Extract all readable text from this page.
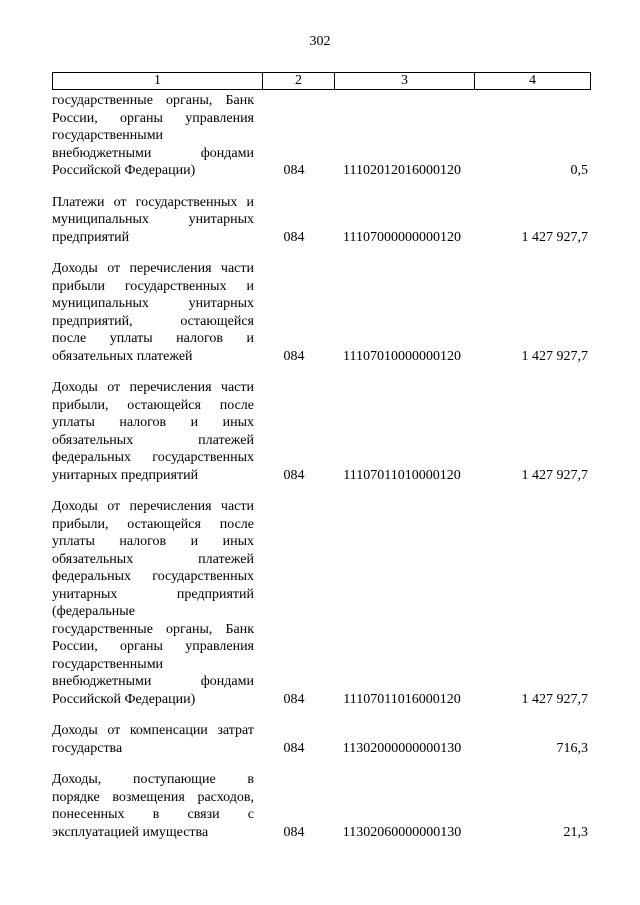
302
1	2	3	4
государственные органы, Банк
России, органы управления
государственными
внебюджетными фондами
Российской Федерации)	084	11102012016000120	0,5
Платежи от государственных и
муниципальных унитарных
предприятий	084	11107000000000120	1 427 927,7
Доходы от перечисления части
прибыли государственных и
муниципальных унитарных
предприятий, остающейся
после уплаты налогов и
обязательных платежей	084	11107010000000120	1 427 927,7
Доходы от перечисления части
прибыли, остающейся после
уплаты налогов и иных
обязательных платежей
федеральных государственных
унитарных предприятий	084	11107011010000120	1 427 927,7
Доходы от перечисления части
прибыли, остающейся после
уплаты налогов и иных
обязательных платежей
федеральных государственных
унитарных предприятий
(федеральные
государственные органы, Банк
России, органы управления
государственными
внебюджетными фондами
Российской Федерации)	084	11107011016000120	1 427 927,7
Доходы от компенсации затрат
государства	084	11302000000000130	716,3
Доходы, поступающие в
порядке возмещения расходов,
понесенных в связи с
эксплуатацией имущества	084	11302060000000130	21,3
